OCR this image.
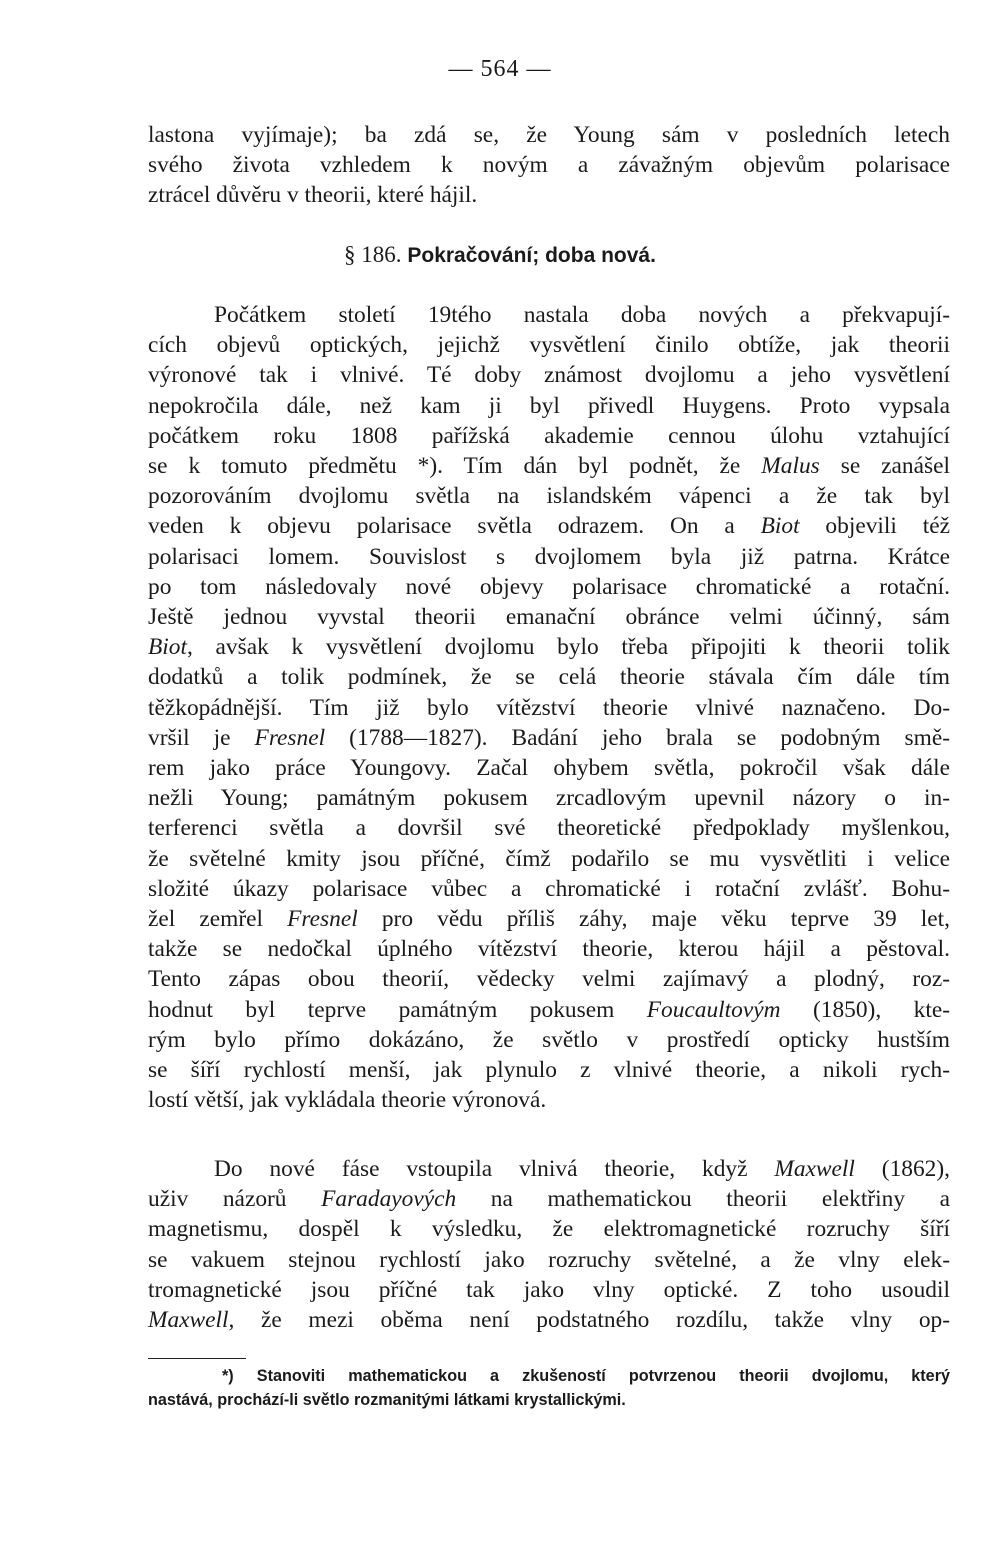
— 564 —
lastona vyjímaje); ba zdá se, že Young sám v posledních letech
svého života vzhledem k novým a závažným objevům polarisace
ztrácel důvěru v theorii, které hájil.
§ 186. Pokračování; doba nová.
Počátkem století 19tého nastala doba nových a překvapují-
cích objevů optických, jejichž vysvětlení činilo obtíže, jak theorii
výronové tak i vlnivé. Té doby známost dvojlomu a jeho vysvětlení
nepokročila dále, než kam ji byl přivedl Huygens. Proto vypsala
počátkem roku 1808 pařížská akademie cennou úlohu vztahující
se k tomuto předmětu *). Tím dán byl podnět, že Malus se zanášel
pozorováním dvojlomu světla na islandském vápenci a že tak byl
veden k objevu polarisace světla odrazem. On a Biot objevili též
polarisaci lomem. Souvislost s dvojlomem byla již patrna. Krátce
po tom následovaly nové objevy polarisace chromatické a rotační.
Ještě jednou vyvstal theorii emanační obránce velmi účinný, sám
Biot, avšak k vysvětlení dvojlomu bylo třeba připojiti k theorii tolik
dodatků a tolik podmínek, že se celá theorie stávala čím dále tím
těžkopádnější. Tím již bylo vítězství theorie vlnivé naznačeno. Do-
vršil je Fresnel (1788—1827). Badání jeho brala se podobným smě-
rem jako práce Youngovy. Začal ohybem světla, pokročil však dále
nežli Young; památným pokusem zrcadlovým upevnil názory o in-
terferenci světla a dovršil své theoretické předpoklady myšlenkou,
že světelné kmity jsou příčné, čímž podařilo se mu vysvětliti i velice
složité úkazy polarisace vůbec a chromatické i rotační zvlášť. Bohu-
žel zemřel Fresnel pro vědu příliš záhy, maje věku teprve 39 let,
takže se nedočkal úplného vítězství theorie, kterou hájil a pěstoval.
Tento zápas obou theorií, vědecky velmi zajímavý a plodný, roz-
hodnut byl teprve památným pokusem Foucaultovým (1850), kte-
rým bylo přímo dokázáno, že světlo v prostředí opticky hustším
se šíří rychlostí menší, jak plynulo z vlnivé theorie, a nikoli rych-
lostí větší, jak vykládala theorie výronová.
Do nové fáse vstoupila vlnivá theorie, když Maxwell (1862),
uživ názorů Faradayových na mathematickou theorii elektřiny a
magnetismu, dospěl k výsledku, že elektromagnetické rozruchy šíří
se vakuem stejnou rychlostí jako rozruchy světelné, a že vlny elek-
tromagnetické jsou příčné tak jako vlny optické. Z toho usoudil
Maxwell, že mezi oběma není podstatného rozdílu, takže vlny op-
*) Stanoviti mathematickou a zkušeností potvrzenou theorii dvojlomu, který
nastává, prochází-li světlo rozmanitými látkami krystallickými.
